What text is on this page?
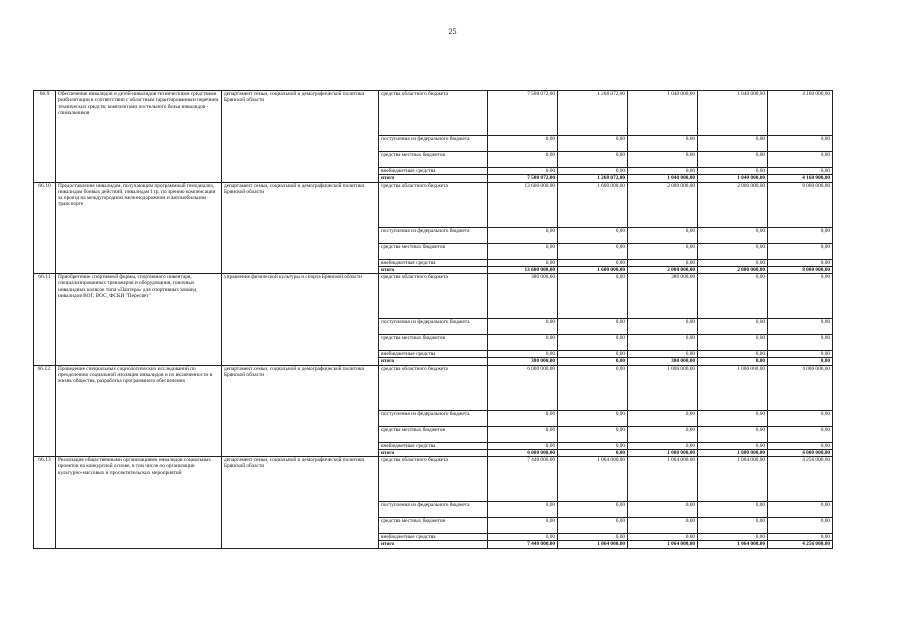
25
66.9	Обеспечение инвалидов и детей-инвалидов техническими средствами реабилитации в соответствии с областным гарантированным перечнем технических средств; комплектами постельного белья инвалидов - спинальников	департамент семьи, социальной и демографической политики Брянской области	средства областного бюджета	7 508 072,00	1 268 072,00	1 040 000,00	1 040 000,00	4 160 000,00
			поступления из федерального бюджета	0,00	0,00	0,00	0,00	0,00
			средства местных бюджетов	0,00	0,00	0,00	0,00	0,00
			внебюджетные средства	0,00	0,00	0,00	0,00	0,00
			итого	7 508 072,00	1 268 072,00	1 040 000,00	1 040 000,00	4 160 000,00
66.10	Предоставление инвалидам, получающим программный гемодиализ, инвалидам боевых действий, инвалидам I гр. по зрению компенсации за проезд на междугородном железнодорожном и автомобильном транспорте	департамент семьи, социальной и демографической политики Брянской области	средства областного бюджета	13 600 000,00	1 600 000,00	2 000 000,00	2 000 000,00	8 000 000,00
			поступления из федерального бюджета	0,00	0,00	0,00	0,00	0,00
			средства местных бюджетов	0,00	0,00	0,00	0,00	0,00
			внебюджетные средства	0,00	0,00	0,00	0,00	0,00
			итого	13 600 000,00	1 600 000,00	2 000 000,00	2 000 000,00	8 000 000,00
66.11	Приобретение спортивной формы, спортивного инвентаря, специализированных тренажеров и оборудования, гоночных инвалидных колясок типа «Пантера» для спортивных команд инвалидов ВОГ, ВОС, ФСКИ "Пересвет"	управление физической культуры и спорта Брянской области	средства областного бюджета	380 000,00	0,00	380 000,00	0,00	0,00
			поступления из федерального бюджета	0,00	0,00	0,00	0,00	0,00
			средства местных бюджетов	0,00	0,00	0,00	0,00	0,00
			внебюджетные средства	0,00	0,00	0,00	0,00	0,00
			итого	380 000,00	0,00	380 000,00	0,00	0,00
66.12.	Проведение специальных социологических исследований по преодолению социальной изоляции инвалидов и их включенности в жизнь общества, разработка программного обеспечения	департамент семьи, социальной и демографической политики Брянской области	средства областного бюджета	6 000 000,00	0,00	1 000 000,00	1 000 000,00	4 000 000,00
			поступления из федерального бюджета	0,00	0,00	0,00	0,00	0,00
			средства местных бюджетов	0,00	0,00	0,00	0,00	0,00
			внебюджетные средства	0,00	0,00	0,00	0,00	0,00
			итого	6 000 000,00	0,00	1 000 000,00	1 000 000,00	4 000 000,00
66.13	Реализация общественными организациями инвалидов социальных проектов на конкурсной основе, в том числе по организации культурно-массовых и просветительских мероприятий	департамент семьи, социальной и демографической политики Брянской области	средства областного бюджета	7 448 000,00	1 064 000,00	1 064 000,00	1 064 000,00	4 256 000,00
			поступления из федерального бюджета	0,00	0,00	0,00	0,00	0,00
			средства местных бюджетов	0,00	0,00	0,00	0,00	0,00
			внебюджетные средства	0,00	0,00	0,00	0,00	0,00
			итого	7 448 000,00	1 064 000,00	1 064 000,00	1 064 000,00	4 256 000,00
